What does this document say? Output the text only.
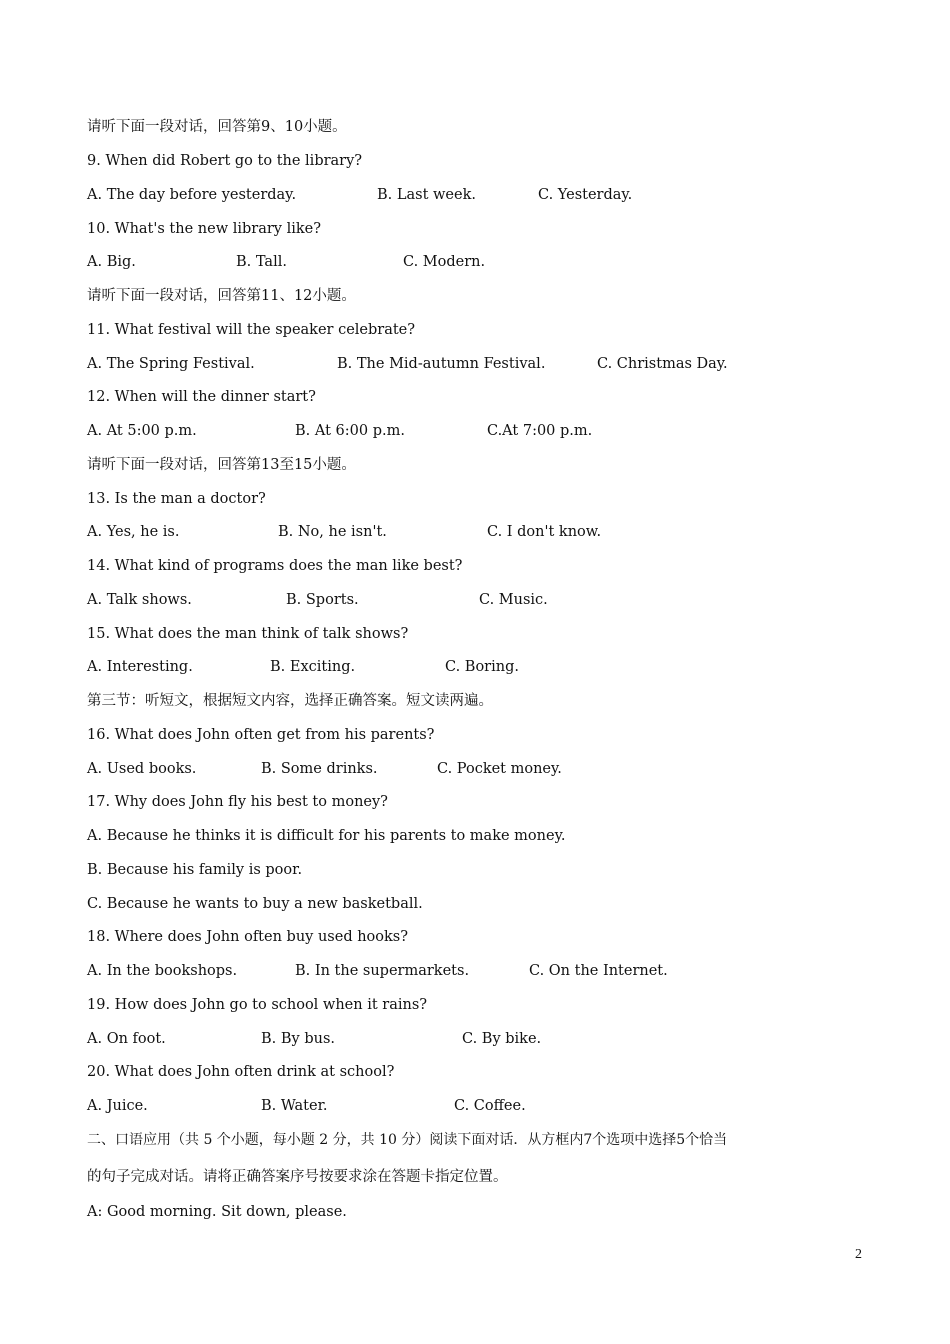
请听下面一段对话，回答第9、10小题。

9. When did Robert go to the library?

A. The day before yesterday.

	B. Last week.

	C. Yesterday.

10. What's the new library like?

A. Big.

	B. Tall.

	C. Modern.

请听下面一段对话，回答第11、12小题。

11. What festival will the speaker celebrate?

A. The Spring Festival.

	B. The Mid-autumn Festival.

	C. Christmas Day.

12. When will the dinner start?

A. At 5:00 p.m.

	B. At 6:00 p.m.

	C.At 7:00 p.m.

请听下面一段对话，回答第13至15小题。

13. Is the man a doctor?

A. Yes, he is.

	B. No, he isn't.

	C. I don't know.

14. What kind of programs does the man like best?

A. Talk shows.

	B. Sports.

	C. Music.

15. What does the man think of talk shows?

A. Interesting.

	B. Exciting.

	C. Boring.

第三节：听短文，根据短文内容，选择正确答案。短文读两遍。

16. What does John often get from his parents?

A. Used books.

	B. Some drinks.

	C. Pocket money.

17. Why does John fly his best to money?

A. Because he thinks it is difficult for his parents to make money.

B. Because his family is poor.

C. Because he wants to buy a new basketball.

18. Where does John often buy used hooks?

A. In the bookshops.

	B. In the supermarkets.

	C. On the Internet.

19. How does John go to school when it rains?

A. On foot.

	B. By bus.

	C. By bike.

20. What does John often drink at school?

A. Juice.

	B. Water.

	C. Coffee.

二、口语应用（共 5 个小题，每小题 2 分，共 10 分）阅读下面对话．从方框内7个选项中选择5个恰当

的句子完成对话。请将正确答案序号按要求涂在答题卡指定位置。

A: Good morning. Sit down, please.

2
